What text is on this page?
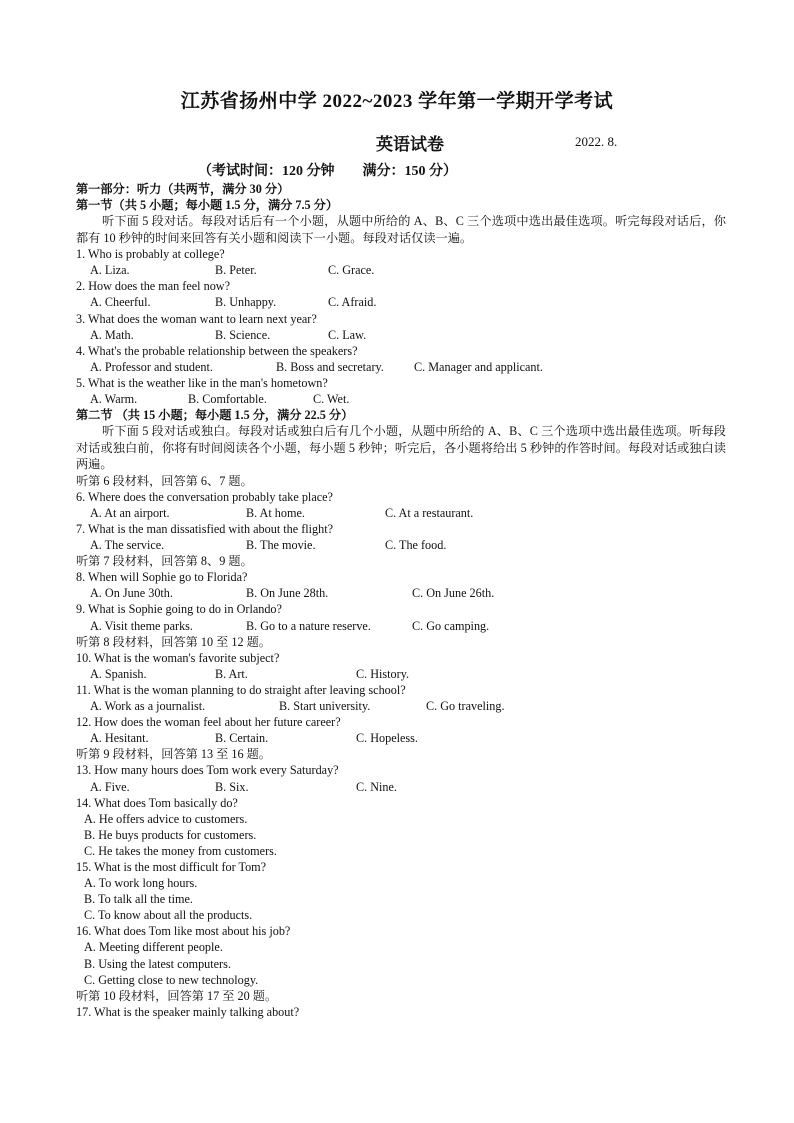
江苏省扬州中学 2022~2023 学年第一学期开学考试
英语试卷	2022. 8.
（考试时间：120 分钟        满分：150 分）
第一部分：听力（共两节，满分 30 分）
第一节（共 5 小题；每小题 1.5 分，满分 7.5 分）
听下面 5 段对话。每段对话后有一个小题，从题中所给的 A、B、C 三个选项中选出最佳选项。听完每段对话后，你都有 10 秒钟的时间来回答有关小题和阅读下一小题。每段对话仅读一遍。
1. Who is probably at college?
A. Liza.	B. Peter.	C. Grace.
2. How does the man feel now?
A. Cheerful.	B. Unhappy.	C. Afraid.
3. What does the woman want to learn next year?
A. Math.	B. Science.	C. Law.
4. What's the probable relationship between the speakers?
A. Professor and student.	B. Boss and secretary.	C. Manager and applicant.
5. What is the weather like in the man's hometown?
A. Warm.	B. Comfortable.	C. Wet.
第二节 （共 15 小题；每小题 1.5 分，满分 22.5 分）
听下面 5 段对话或独白。每段对话或独白后有几个小题，从题中所给的 A、B、C 三个选项中选出最佳选项。听每段对话或独白前，你将有时间阅读各个小题，每小题 5 秒钟；听完后，各小题将给出 5 秒钟的作答时间。每段对话或独白读两遍。
听第 6 段材料，回答第 6、7 题。
6. Where does the conversation probably take place?
A. At an airport.	B. At home.	C. At a restaurant.
7. What is the man dissatisfied with about the flight?
A. The service.	B. The movie.	C. The food.
听第 7 段材料，回答第 8、9 题。
8. When will Sophie go to Florida?
A. On June 30th.	B. On June 28th.	C. On June 26th.
9. What is Sophie going to do in Orlando?
A. Visit theme parks.	B. Go to a nature reserve.	C. Go camping.
听第 8 段材料，回答第 10 至 12 题。
10. What is the woman's favorite subject?
A. Spanish.	B. Art.	C. History.
11. What is the woman planning to do straight after leaving school?
A. Work as a journalist.	B. Start university.	C. Go traveling.
12. How does the woman feel about her future career?
A. Hesitant.	B. Certain.	C. Hopeless.
听第 9 段材料，回答第 13 至 16 题。
13. How many hours does Tom work every Saturday?
A. Five.	B. Six.	C. Nine.
14. What does Tom basically do?
A. He offers advice to customers.
B. He buys products for customers.
C. He takes the money from customers.
15. What is the most difficult for Tom?
A. To work long hours.
B. To talk all the time.
C. To know about all the products.
16. What does Tom like most about his job?
A. Meeting different people.
B. Using the latest computers.
C. Getting close to new technology.
听第 10 段材料，回答第 17 至 20 题。
17. What is the speaker mainly talking about?
